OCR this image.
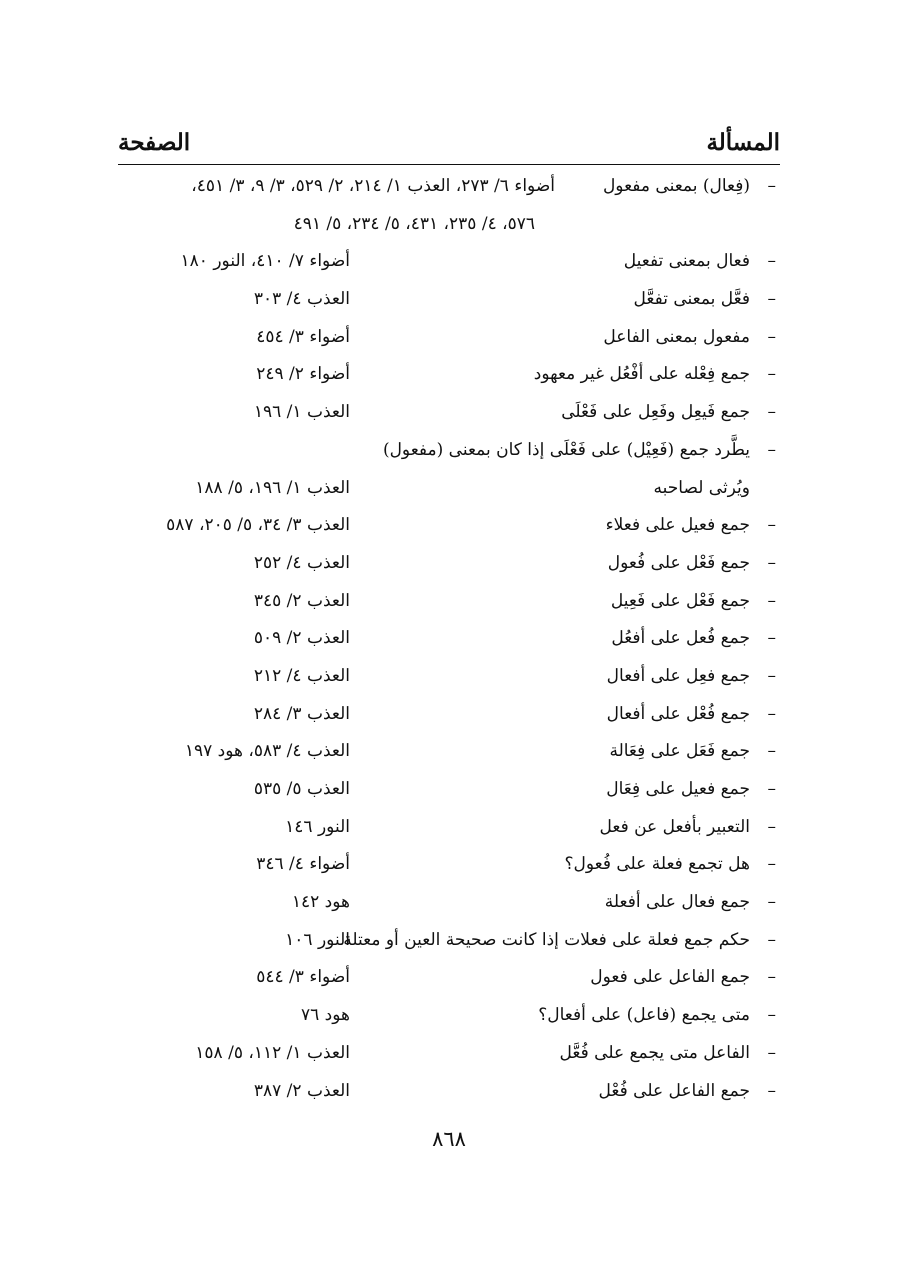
المسألة
الصفحة
–
(فِعال) بمعنى مفعول
أضواء ٦/ ٢٧٣، العذب ١/ ٢١٤، ٢/ ٥٢٩، ٣/ ٩، ٣/ ٤٥١،
٥٧٦، ٤/ ٢٣٥، ٤٣١، ٥/ ٢٣٤، ٥/ ٤٩١
–
فعال بمعنى تفعيل
أضواء ٧/ ٤١٠، النور ١٨٠
–
فعَّل بمعنى تفعَّل
العذب ٤/ ٣٠٣
–
مفعول بمعنى الفاعل
أضواء ٣/ ٤٥٤
–
جمع فِعْله على أفْعُل غير معهود
أضواء ٢/ ٢٤٩
–
جمع فَيعِل وفَعِل على فَعْلَى
العذب ١/ ١٩٦
–
يطَّرد جمع (فَعِيْل) على فَعْلَى إذا كان بمعنى (مفعول)
ويُرثى لصاحبه
العذب ١/ ١٩٦، ٥/ ١٨٨
–
جمع فعيل على فعلاء
العذب ٣/ ٣٤، ٥/ ٢٠٥، ٥٨٧
–
جمع فَعْل على فُعول
العذب ٤/ ٢٥٢
–
جمع فَعْل على فَعِيل
العذب ٢/ ٣٤٥
–
جمع فُعل على أفعُل
العذب ٢/ ٥٠٩
–
جمع فعِل على أفعال
العذب ٤/ ٢١٢
–
جمع فُعْل على أفعال
العذب ٣/ ٢٨٤
–
جمع فَعَل على فِعَالة
العذب ٤/ ٥٨٣، هود ١٩٧
–
جمع فعيل على فِعَال
العذب ٥/ ٥٣٥
–
التعبير بأفعل عن فعل
النور ١٤٦
–
هل تجمع فعلة على فُعول؟
أضواء ٤/ ٣٤٦
–
جمع فعال على أفعلة
هود ١٤٢
–
حكم جمع فعلة على فعلات إذا كانت صحيحة العين أو معتلة
النور ١٠٦
–
جمع الفاعل على فعول
أضواء ٣/ ٥٤٤
–
متى يجمع (فاعل) على أفعال؟
هود ٧٦
–
الفاعل متى يجمع على فُعَّل
العذب ١/ ١١٢، ٥/ ١٥٨
–
جمع الفاعل على فُعْل
العذب ٢/ ٣٨٧
٨٦٨
